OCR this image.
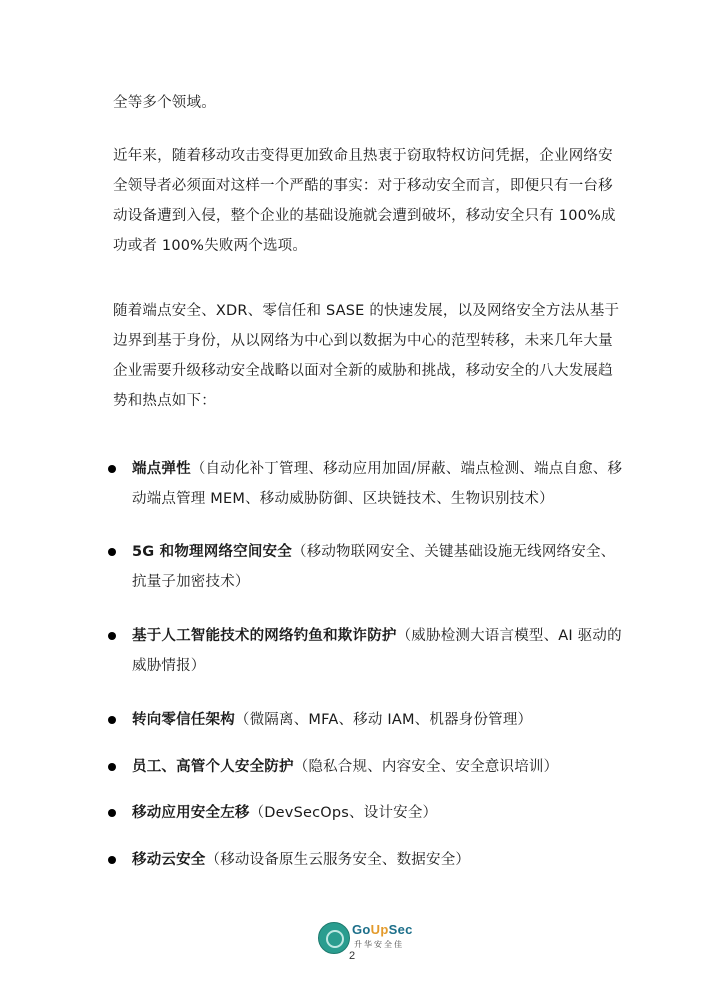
全等多个领域。

近年来，随着移动攻击变得更加致命且热衷于窃取特权访问凭据，企业网络安
全领导者必须面对这样一个严酷的事实：对于移动安全而言，即便只有一台移
动设备遭到入侵，整个企业的基础设施就会遭到破坏，移动安全只有 100%成
功或者 100%失败两个选项。

随着端点安全、XDR、零信任和 SASE 的快速发展，以及网络安全方法从基于
边界到基于身份，从以网络为中心到以数据为中心的范型转移，未来几年大量
企业需要升级移动安全战略以面对全新的威胁和挑战，移动安全的八大发展趋
势和热点如下：

端点弹性（自动化补丁管理、移动应用加固/屏蔽、端点检测、端点自愈、移
动端点管理 MEM、移动威胁防御、区块链技术、生物识别技术）
5G 和物理网络空间安全（移动物联网安全、关键基础设施无线网络安全、
抗量子加密技术）
基于人工智能技术的网络钓鱼和欺诈防护（威胁检测大语言模型、AI 驱动的
威胁情报）
转向零信任架构（微隔离、MFA、移动 IAM、机器身份管理）
员工、高管个人安全防护（隐私合规、内容安全、安全意识培训）
移动应用安全左移（DevSecOps、设计安全）
移动云安全（移动设备原生云服务安全、数据安全）
GoUpSec
升华安全佳
2
